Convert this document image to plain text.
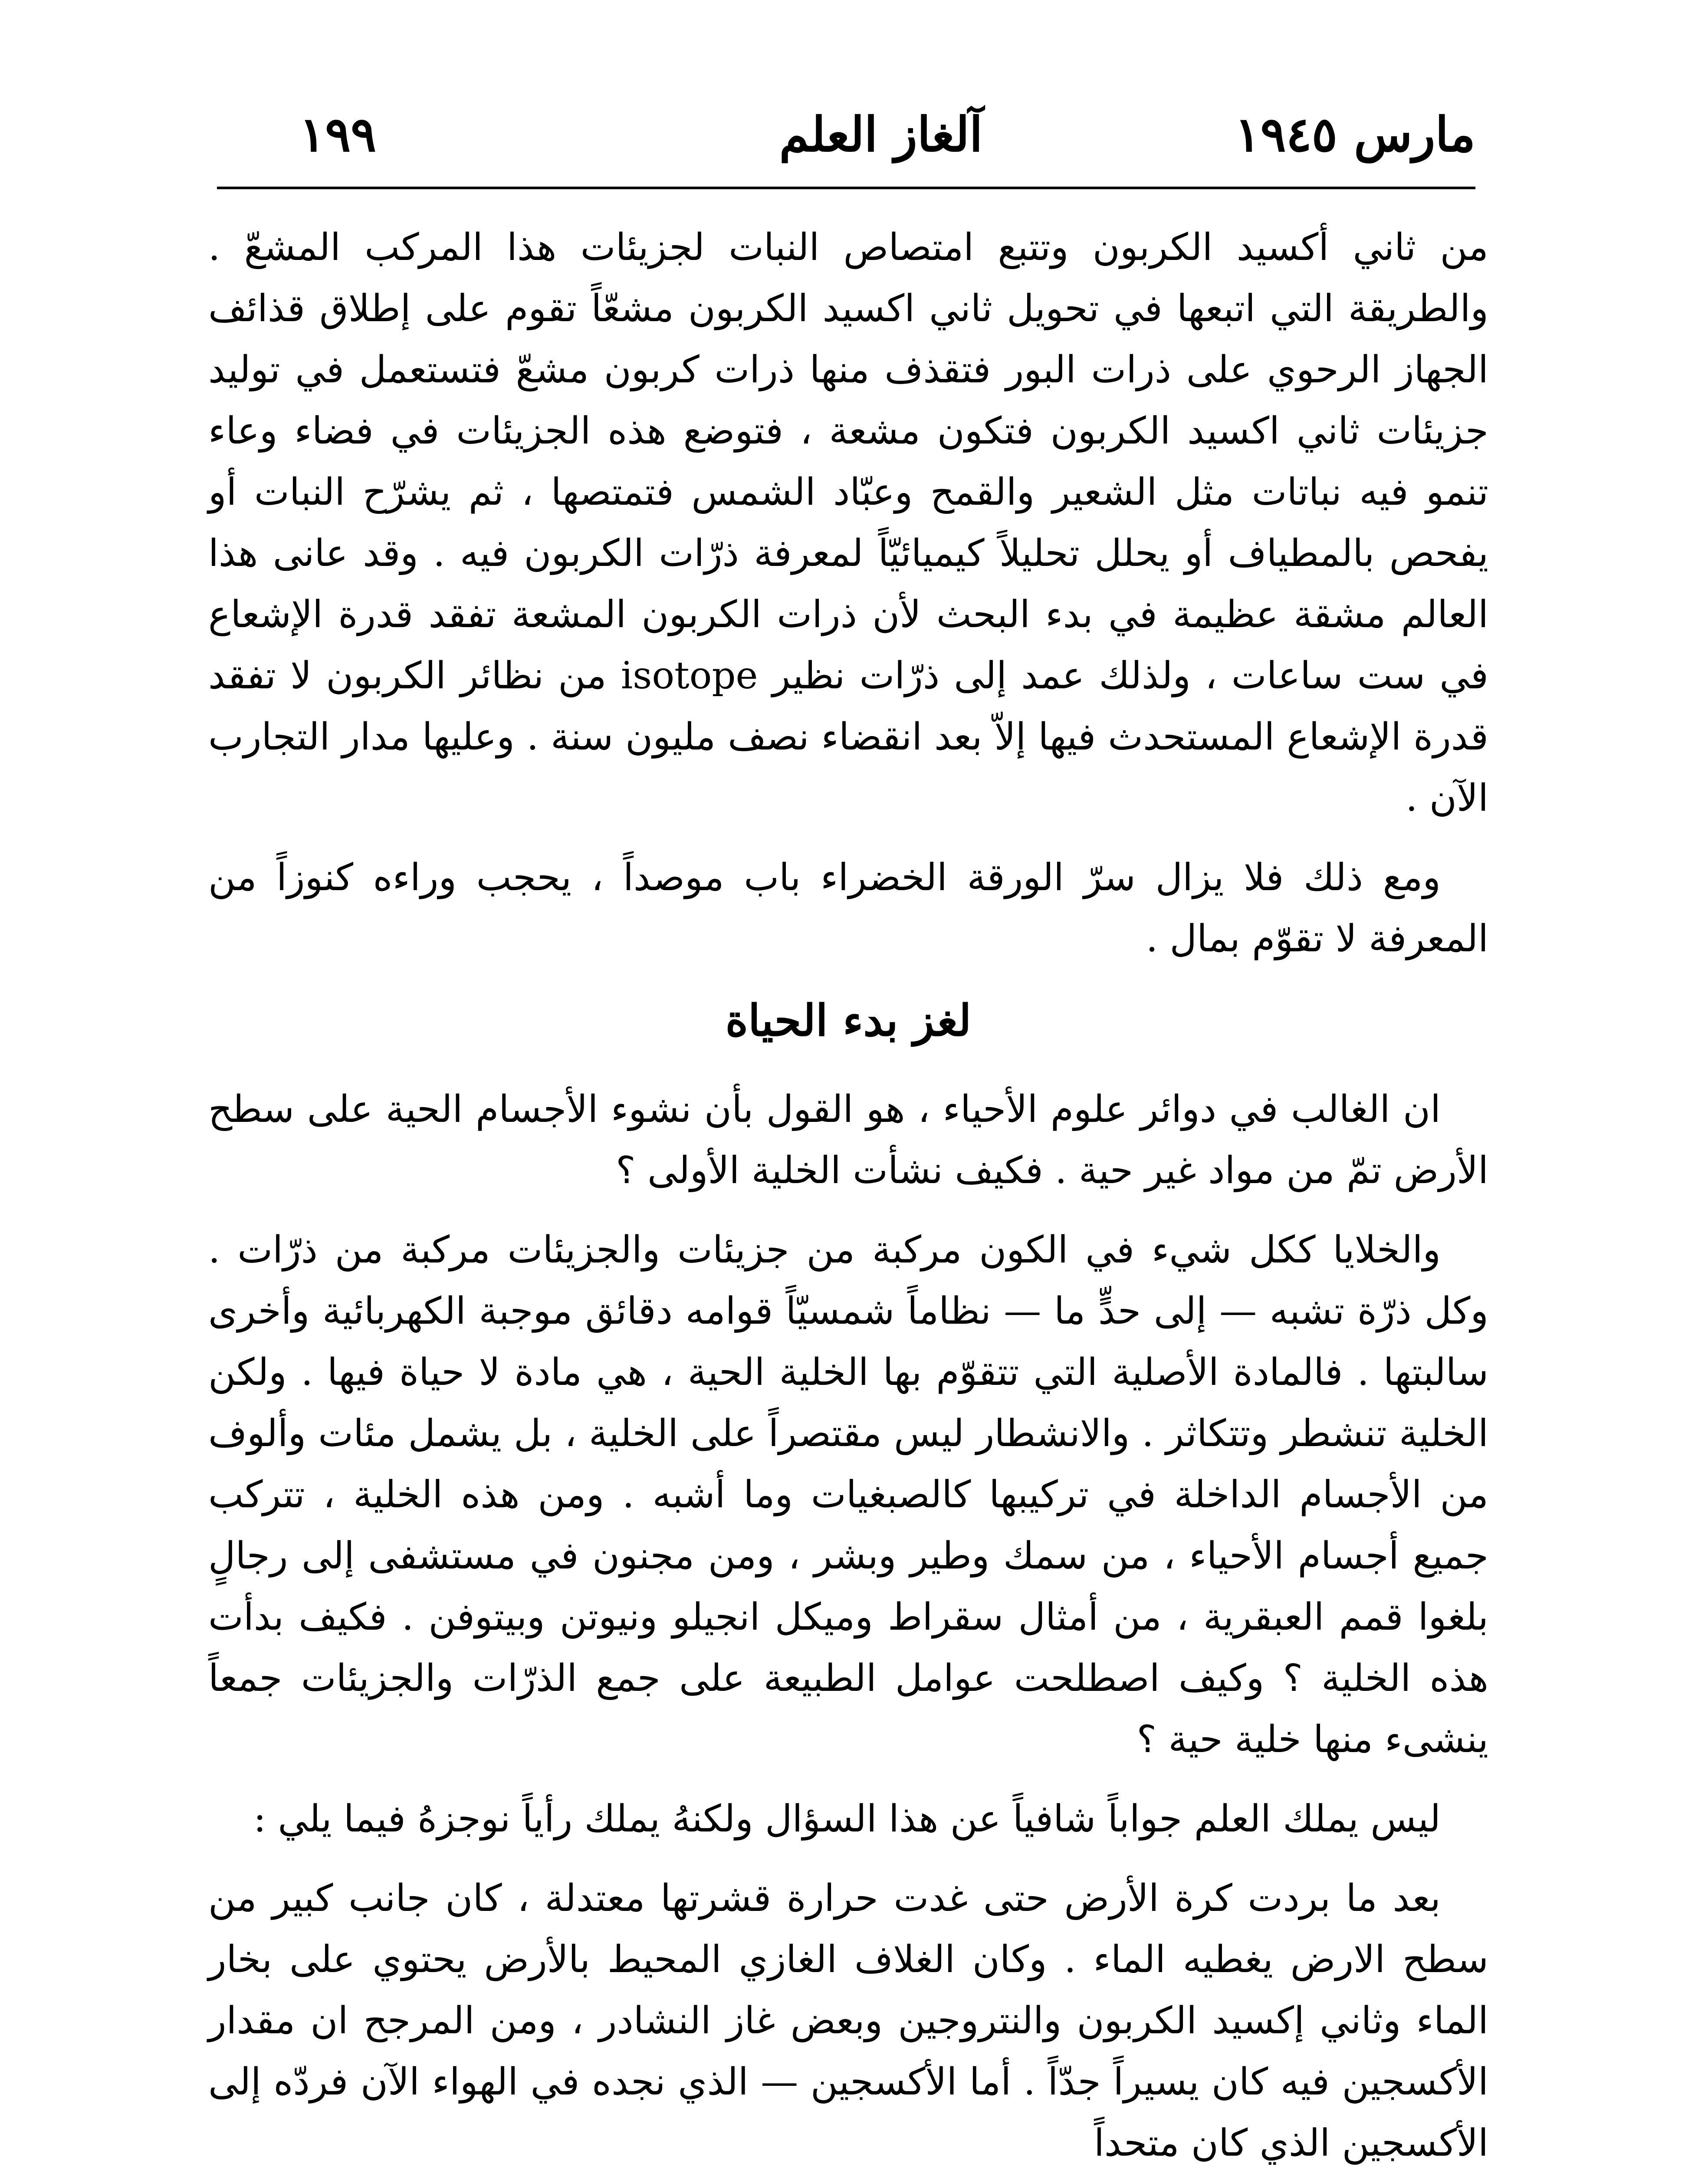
١٩٩	آلغاز العلم	مارس ١٩٤٥

من ثاني أكسيد الكربون وتتبع امتصاص النبات لجزيئات هذا المركب المشعّ . والطريقة التي اتبعها في تحويل ثاني اكسيد الكربون مشعّاً تقوم على إطلاق قذائف الجهاز الرحوي على ذرات البور فتقذف منها ذرات كربون مشعّ فتستعمل في توليد جزيئات ثاني اكسيد الكربون فتكون مشعة ، فتوضع هذه الجزيئات في فضاء وعاء تنمو فيه نباتات مثل الشعير والقمح وعبّاد الشمس فتمتصها ، ثم يشرّح النبات أو يفحص بالمطياف أو يحلل تحليلاً كيميائيّاً لمعرفة ذرّات الكربون فيه . وقد عانى هذا العالم مشقة عظيمة في بدء البحث لأن ذرات الكربون المشعة تفقد قدرة الإشعاع في ست ساعات ، ولذلك عمد إلى ذرّات نظير isotope من نظائر الكربون لا تفقد قدرة الإشعاع المستحدث فيها إلاّ بعد انقضاء نصف مليون سنة . وعليها مدار التجارب الآن .

ومع ذلك فلا يزال سرّ الورقة الخضراء باب موصداً ، يحجب وراءه كنوزاً من المعرفة لا تقوّم بمال .

لغز بدء الحياة

ان الغالب في دوائر علوم الأحياء ، هو القول بأن نشوء الأجسام الحية على سطح الأرض تمّ من مواد غير حية . فكيف نشأت الخلية الأولى ؟

والخلايا ككل شيء في الكون مركبة من جزيئات والجزيئات مركبة من ذرّات . وكل ذرّة تشبه — إلى حدٍّ ما — نظاماً شمسيّاً قوامه دقائق موجبة الكهربائية وأخرى سالبتها . فالمادة الأصلية التي تتقوّم بها الخلية الحية ، هي مادة لا حياة فيها . ولكن الخلية تنشطر وتتكاثر . والانشطار ليس مقتصراً على الخلية ، بل يشمل مئات وألوف من الأجسام الداخلة في تركيبها كالصبغيات وما أشبه . ومن هذه الخلية ، تتركب جميع أجسام الأحياء ، من سمك وطير وبشر ، ومن مجنون في مستشفى إلى رجالٍ بلغوا قمم العبقرية ، من أمثال سقراط وميكل انجيلو ونيوتن وبيتوفن . فكيف بدأت هذه الخلية ؟ وكيف اصطلحت عوامل الطبيعة على جمع الذرّات والجزيئات جمعاً ينشىء منها خلية حية ؟

ليس يملك العلم جواباً شافياً عن هذا السؤال ولكنهُ يملك رأياً نوجزهُ فيما يلي :

بعد ما بردت كرة الأرض حتى غدت حرارة قشرتها معتدلة ، كان جانب كبير من سطح الارض يغطيه الماء . وكان الغلاف الغازي المحيط بالأرض يحتوي على بخار الماء وثاني إكسيد الكربون والنتروجين وبعض غاز النشادر ، ومن المرجح ان مقدار الأكسجين فيه كان يسيراً جدّاً . أما الأكسجين — الذي نجده في الهواء الآن فردّه إلى الأكسجين الذي كان متحداً
